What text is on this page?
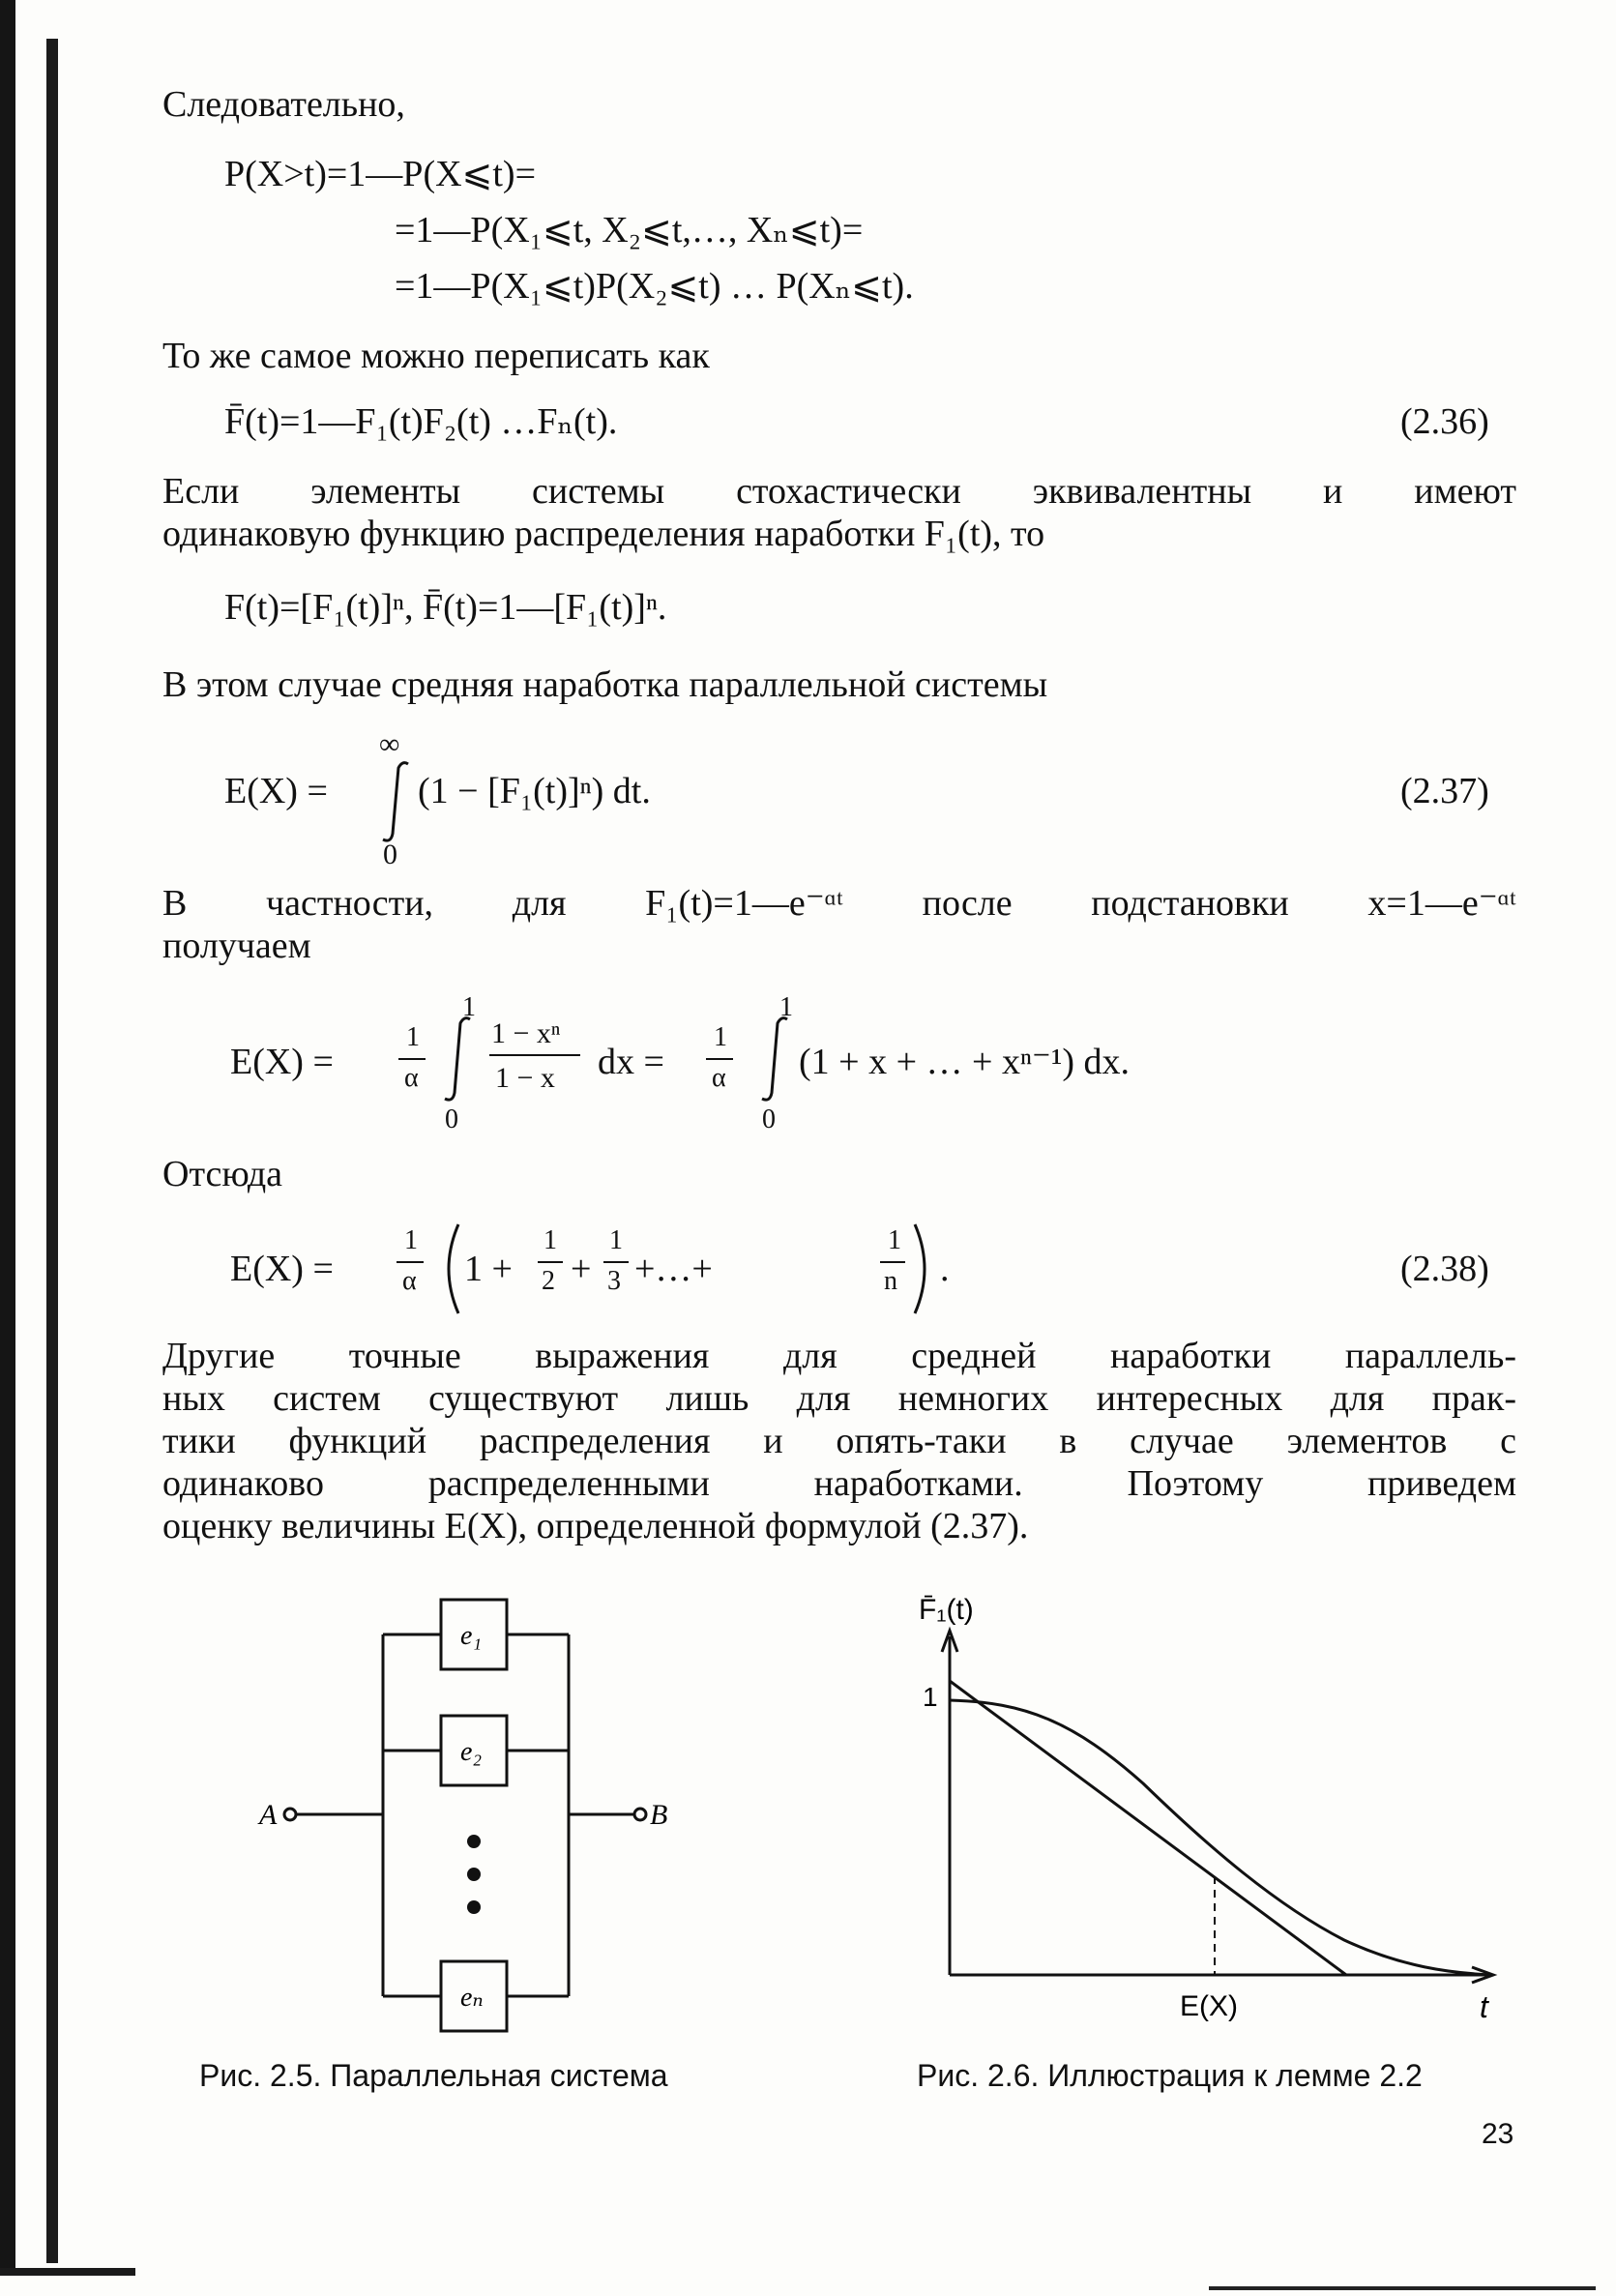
Следовательно,
P(X>t)=1—P(X⩽t)=
=1—P(X₁⩽t, X₂⩽t,…, Xₙ⩽t)=
=1—P(X₁⩽t)P(X₂⩽t) … P(Xₙ⩽t).
То же самое можно переписать как
F̄(t)=1—F₁(t)F₂(t) …Fₙ(t).	(2.36)
Если элементы системы стохастически эквивалентны и имеют
одинаковую функцию распределения наработки F₁(t), то
F(t)=[F₁(t)]ⁿ, F̄(t)=1—[F₁(t)]ⁿ.
В этом случае средняя наработка параллельной системы
E(X) =
∞
0
(1 − [F₁(t)]ⁿ) dt.	(2.37)
В частности, для F₁(t)=1—e⁻ᵅᵗ после подстановки x=1—e⁻ᵅᵗ
получаем
E(X) =
1
α
1
0
1 − xⁿ
1 − x dx =
1
α
1
0
(1 + x + … + xⁿ⁻¹) dx.
Отсюда
E(X) =
1
α 1 +
1
2 +
1
3 +…+
1
n .	(2.38)
Другие точные выражения для средней наработки параллель-
ных систем существуют лишь для немногих интересных для прак-
тики функций распределения и опять-таки в случае элементов с
одинаково распределенными наработками. Поэтому приведем
оценку величины E(X), определенной формулой (2.37).
e₁
e₂
eₙ
A	B
Рис. 2.5. Параллельная система
F̄₁(t)
1
E(X)	t
Рис. 2.6. Иллюстрация к лемме 2.2
23
